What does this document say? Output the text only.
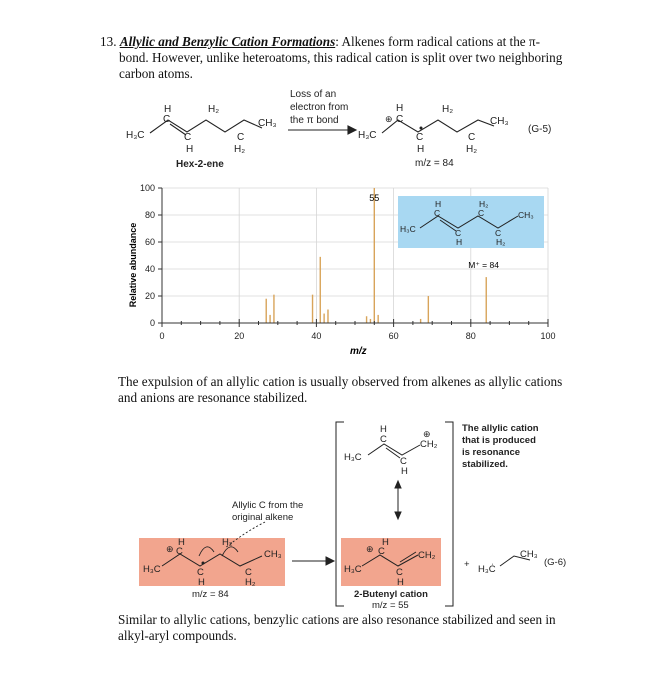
13. Allylic and Benzylic Cation Formations: Alkenes form radical cations at the π-
bond. However, unlike heteroatoms, this radical cation is split over two neighboring
carbon atoms.
H₃C
H
C
H₂
C
H
C
H₂
CH₃
Hex-2-ene
Loss of an
electron from
the π bond
H₃C
H
C
⊕
C
H
H₂
C
H₂
CH₃
m/z = 84
(G-5)
H₃C
H
C
C
H
H₂
C
C
H₂
CH₃
0	20	40	60	80	100
0
20
40
60
80
100
Relative abundance
m/z
55
M⁺ = 84
The expulsion of an allylic cation is usually observed from alkenes as allylic cations
and anions are resonance stabilized.
H₃C
H
C
C
H
⊕
CH₂
H₃C
⊕
H
C
C
H
CH₂
H₃C
⊕
H
C
C
H
H₂
C
H₂
CH₃
Allylic C from the
original alkene
m/z = 84	2-Butenyl cation
m/z = 55
The allylic cation
that is produced
is resonance
stabilized.
+ H₃Ċ
CH₃
(G-6)
Similar to allylic cations, benzylic cations are also resonance stabilized and seen in
alkyl-aryl compounds.
